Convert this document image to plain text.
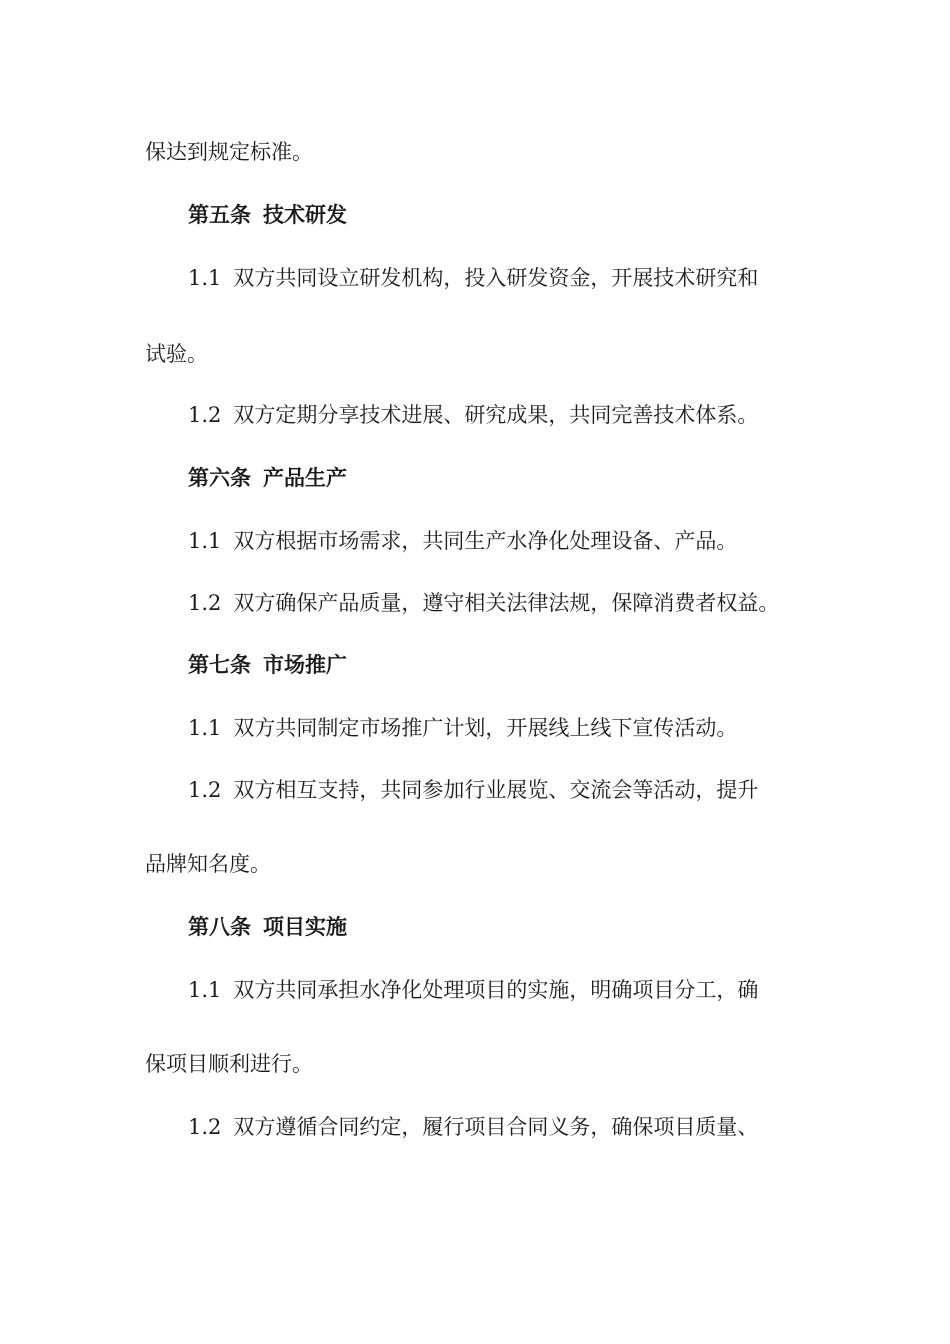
保达到规定标准。
第五条 技术研发
1.1 双方共同设立研发机构，投入研发资金，开展技术研究和
试验。
1.2 双方定期分享技术进展、研究成果，共同完善技术体系。
第六条 产品生产
1.1 双方根据市场需求，共同生产水净化处理设备、产品。
1.2 双方确保产品质量，遵守相关法律法规，保障消费者权益。
第七条 市场推广
1.1 双方共同制定市场推广计划，开展线上线下宣传活动。
1.2 双方相互支持，共同参加行业展览、交流会等活动，提升
品牌知名度。
第八条 项目实施
1.1 双方共同承担水净化处理项目的实施，明确项目分工，确
保项目顺利进行。
1.2 双方遵循合同约定，履行项目合同义务，确保项目质量、
